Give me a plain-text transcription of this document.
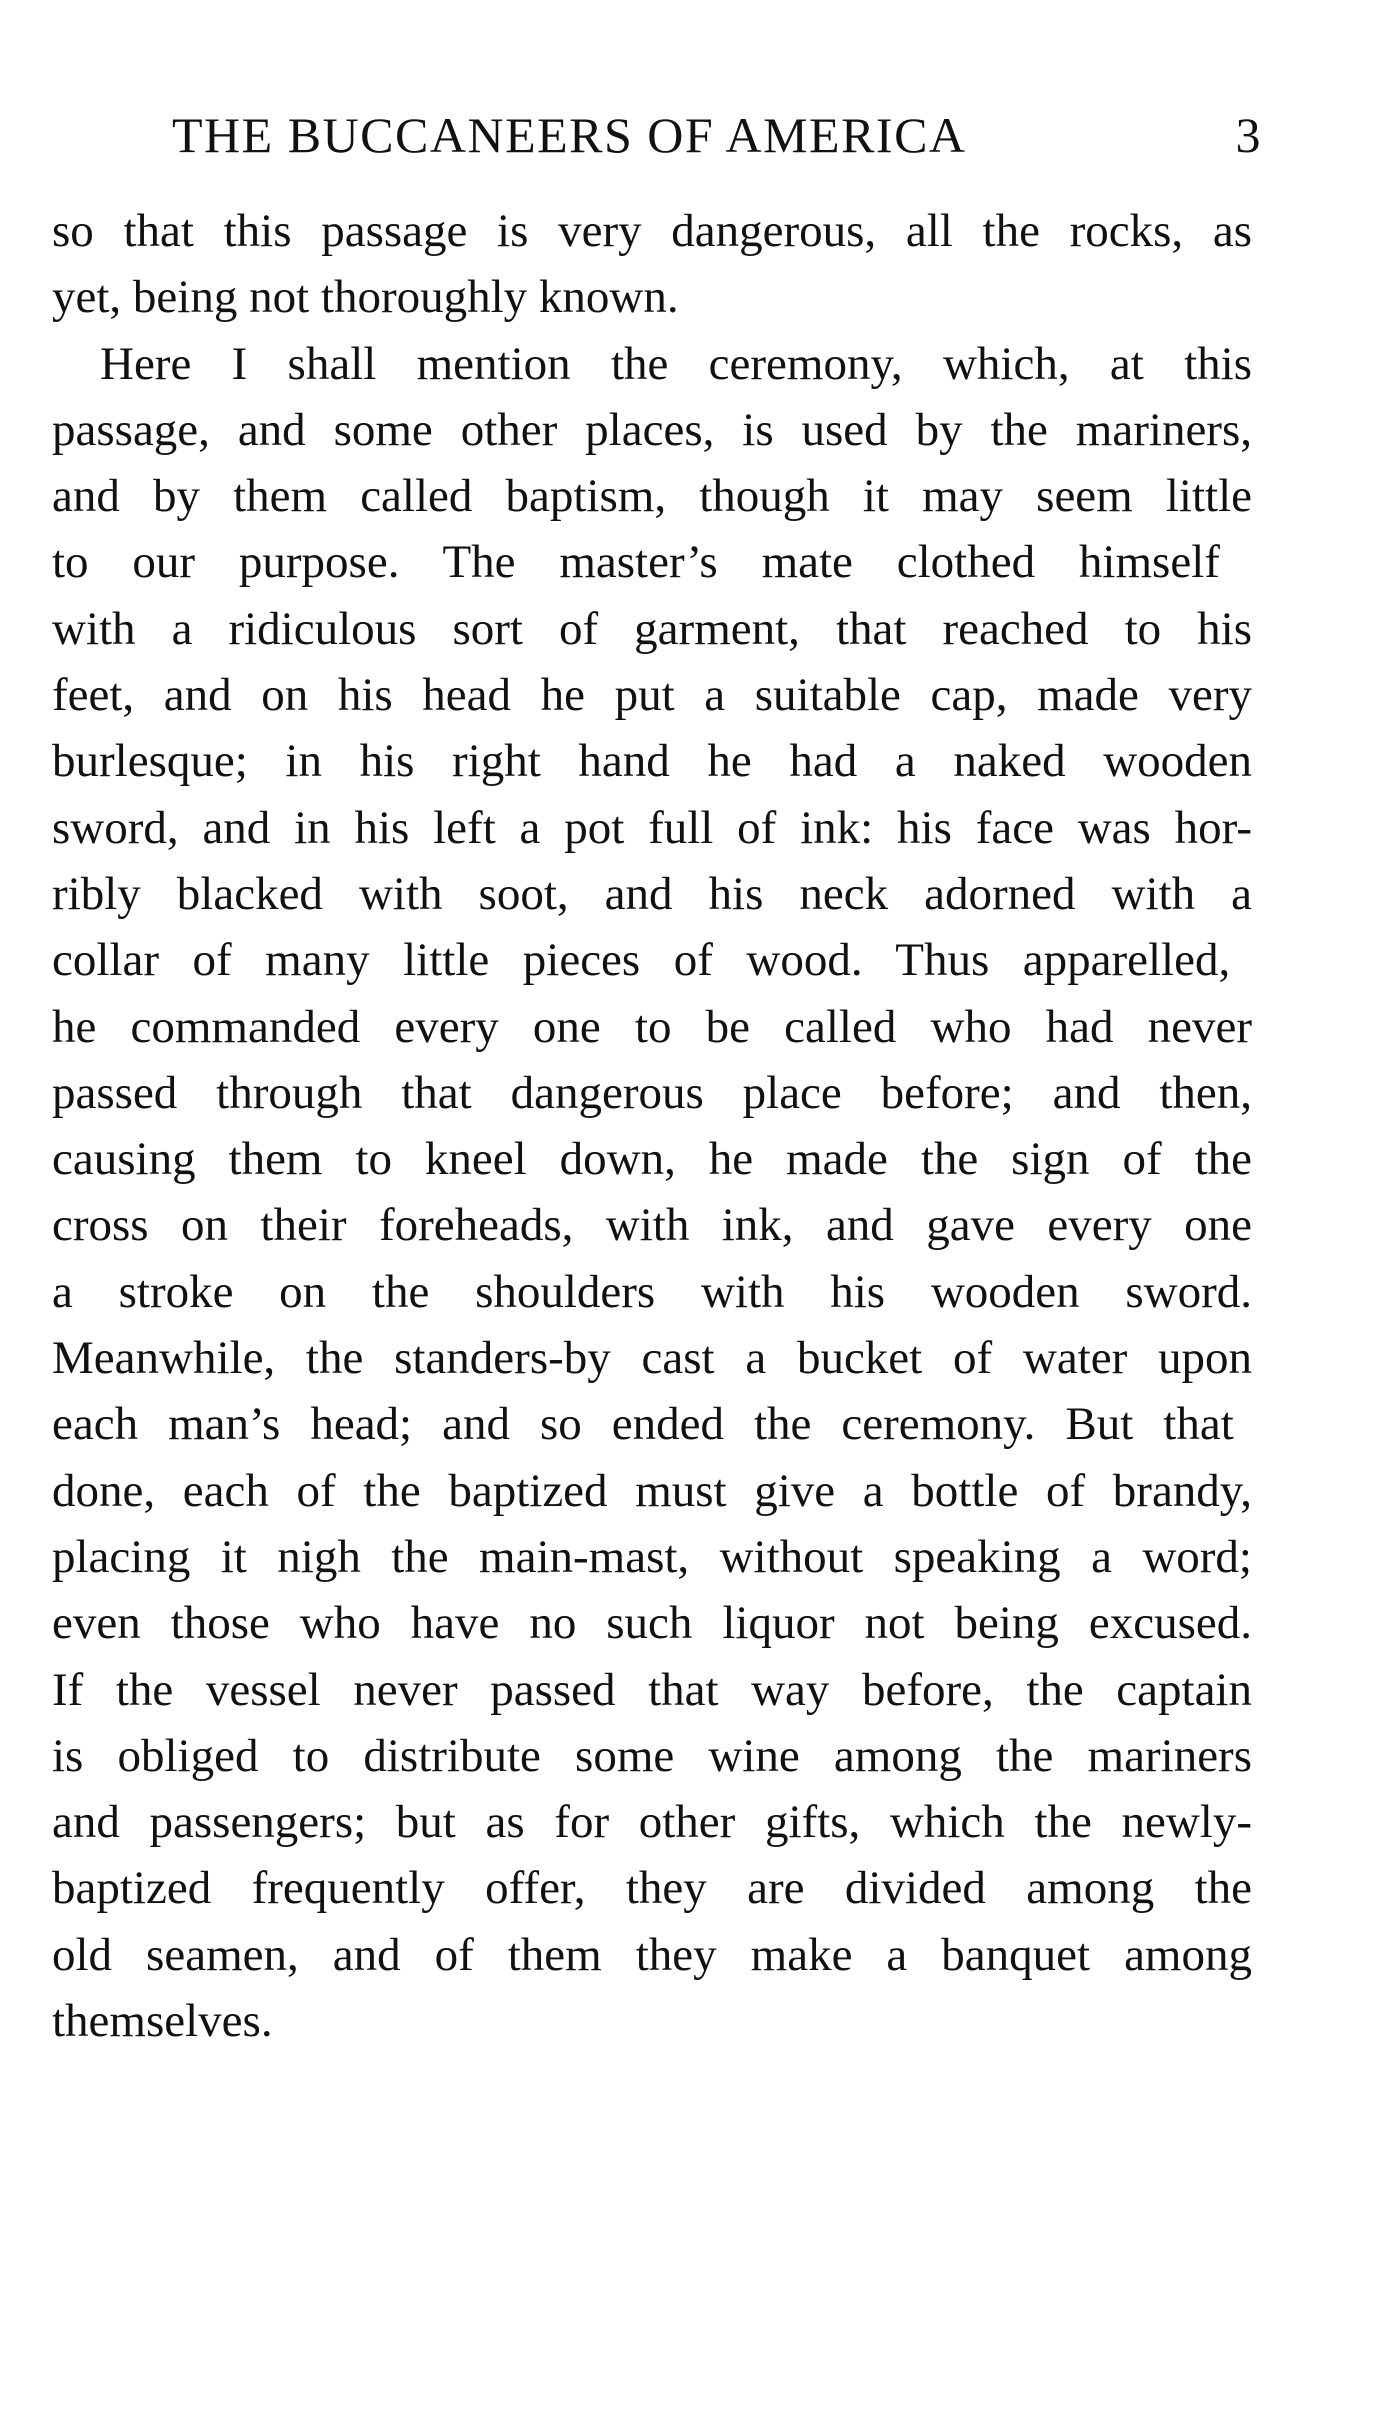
THE BUCCANEERS OF AMERICA	3
so that this passage is very dangerous, all the rocks, as
yet, being not thoroughly known.
Here I shall mention the ceremony, which, at this
passage, and some other places, is used by the mariners,
and by them called baptism, though it may seem little
to our purpose. The master’s mate clothed himself
with a ridiculous sort of garment, that reached to his
feet, and on his head he put a suitable cap, made very
burlesque; in his right hand he had a naked wooden
sword, and in his left a pot full of ink: his face was hor-
ribly blacked with soot, and his neck adorned with a
collar of many little pieces of wood. Thus apparelled,
he commanded every one to be called who had never
passed through that dangerous place before; and then,
causing them to kneel down, he made the sign of the
cross on their foreheads, with ink, and gave every one
a stroke on the shoulders with his wooden sword.
Meanwhile, the standers-by cast a bucket of water upon
each man’s head; and so ended the ceremony. But that
done, each of the baptized must give a bottle of brandy,
placing it nigh the main-mast, without speaking a word;
even those who have no such liquor not being excused.
If the vessel never passed that way before, the captain
is obliged to distribute some wine among the mariners
and passengers; but as for other gifts, which the newly-
baptized frequently offer, they are divided among the
old seamen, and of them they make a banquet among
themselves.
